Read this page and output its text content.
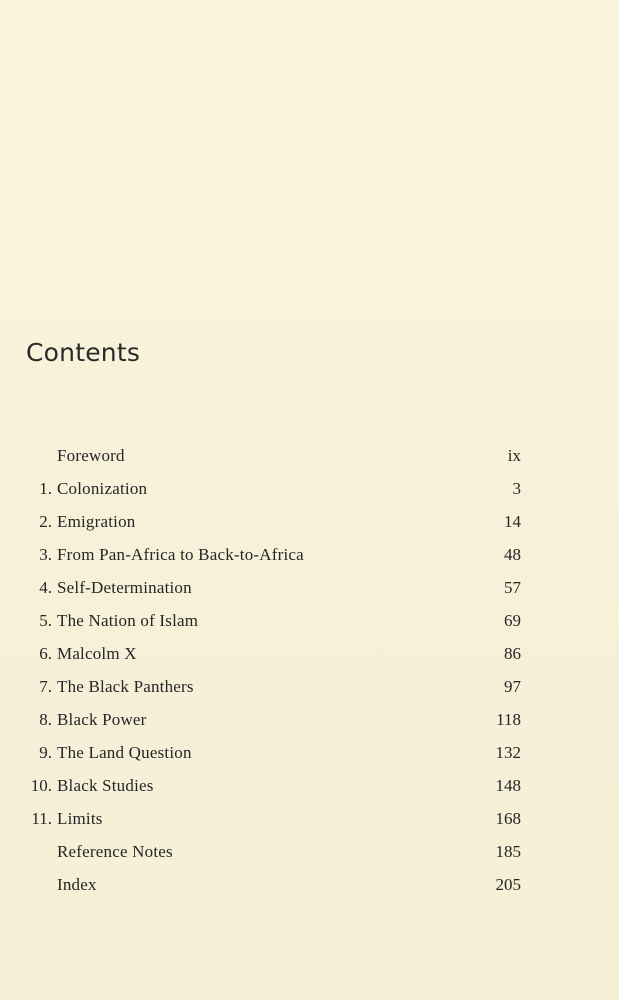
Contents
Foreword	ix
1. Colonization	3
2. Emigration	14
3. From Pan-Africa to Back-to-Africa	48
4. Self-Determination	57
5. The Nation of Islam	69
6. Malcolm X	86
7. The Black Panthers	97
8. Black Power	118
9. The Land Question	132
10. Black Studies	148
11. Limits	168
Reference Notes	185
Index	205
